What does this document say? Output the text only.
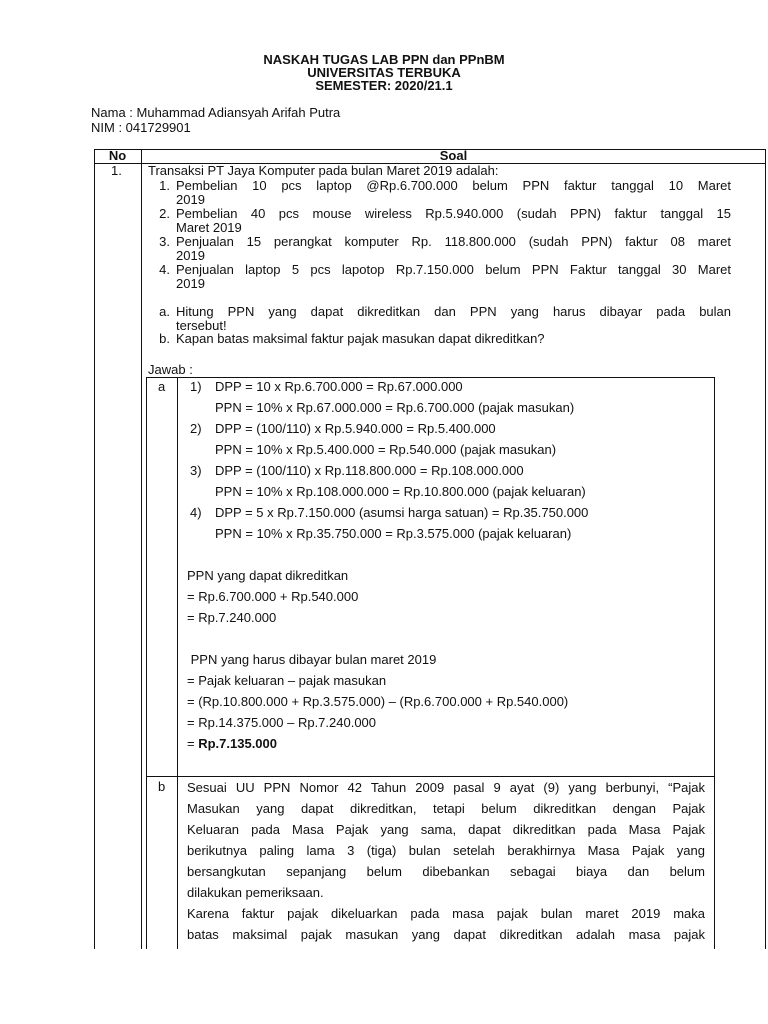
NASKAH TUGAS LAB PPN dan PPnBM
UNIVERSITAS TERBUKA
SEMESTER: 2020/21.1
Nama : Muhammad Adiansyah Arifah Putra
NIM : 041729901
No	Soal
1. Transaksi PT Jaya Komputer pada bulan Maret 2019 adalah:
1. Pembelian 10 pcs laptop @Rp.6.700.000 belum PPN faktur tanggal 10 Maret
2019
2. Pembelian 40 pcs mouse wireless Rp.5.940.000 (sudah PPN) faktur tanggal 15
Maret 2019
3. Penjualan 15 perangkat komputer Rp. 118.800.000 (sudah PPN) faktur 08 maret
2019
4. Penjualan laptop 5 pcs lapotop Rp.7.150.000 belum PPN Faktur tanggal 30 Maret
2019
a. Hitung PPN yang dapat dikreditkan dan PPN yang harus dibayar pada bulan
tersebut!
b. Kapan batas maksimal faktur pajak masukan dapat dikreditkan?
Jawab :
a 1) DPP = 10 x Rp.6.700.000 = Rp.67.000.000
PPN = 10% x Rp.67.000.000 = Rp.6.700.000 (pajak masukan)
2) DPP = (100/110) x Rp.5.940.000 = Rp.5.400.000
PPN = 10% x Rp.5.400.000 = Rp.540.000 (pajak masukan)
3) DPP = (100/110) x Rp.118.800.000 = Rp.108.000.000
PPN = 10% x Rp.108.000.000 = Rp.10.800.000 (pajak keluaran)
4) DPP = 5 x Rp.7.150.000 (asumsi harga satuan) = Rp.35.750.000
PPN = 10% x Rp.35.750.000 = Rp.3.575.000 (pajak keluaran)
PPN yang dapat dikreditkan
= Rp.6.700.000 + Rp.540.000
= Rp.7.240.000
PPN yang harus dibayar bulan maret 2019
= Pajak keluaran – pajak masukan
= (Rp.10.800.000 + Rp.3.575.000) – (Rp.6.700.000 + Rp.540.000)
= Rp.14.375.000 – Rp.7.240.000
= Rp.7.135.000
b Sesuai UU PPN Nomor 42 Tahun 2009 pasal 9 ayat (9) yang berbunyi, “Pajak
Masukan yang dapat dikreditkan, tetapi belum dikreditkan dengan Pajak
Keluaran pada Masa Pajak yang sama, dapat dikreditkan pada Masa Pajak
berikutnya paling lama 3 (tiga) bulan setelah berakhirnya Masa Pajak yang
bersangkutan sepanjang belum dibebankan sebagai biaya dan belum
dilakukan pemeriksaan.
Karena faktur pajak dikeluarkan pada masa pajak bulan maret 2019 maka
batas maksimal pajak masukan yang dapat dikreditkan adalah masa pajak
